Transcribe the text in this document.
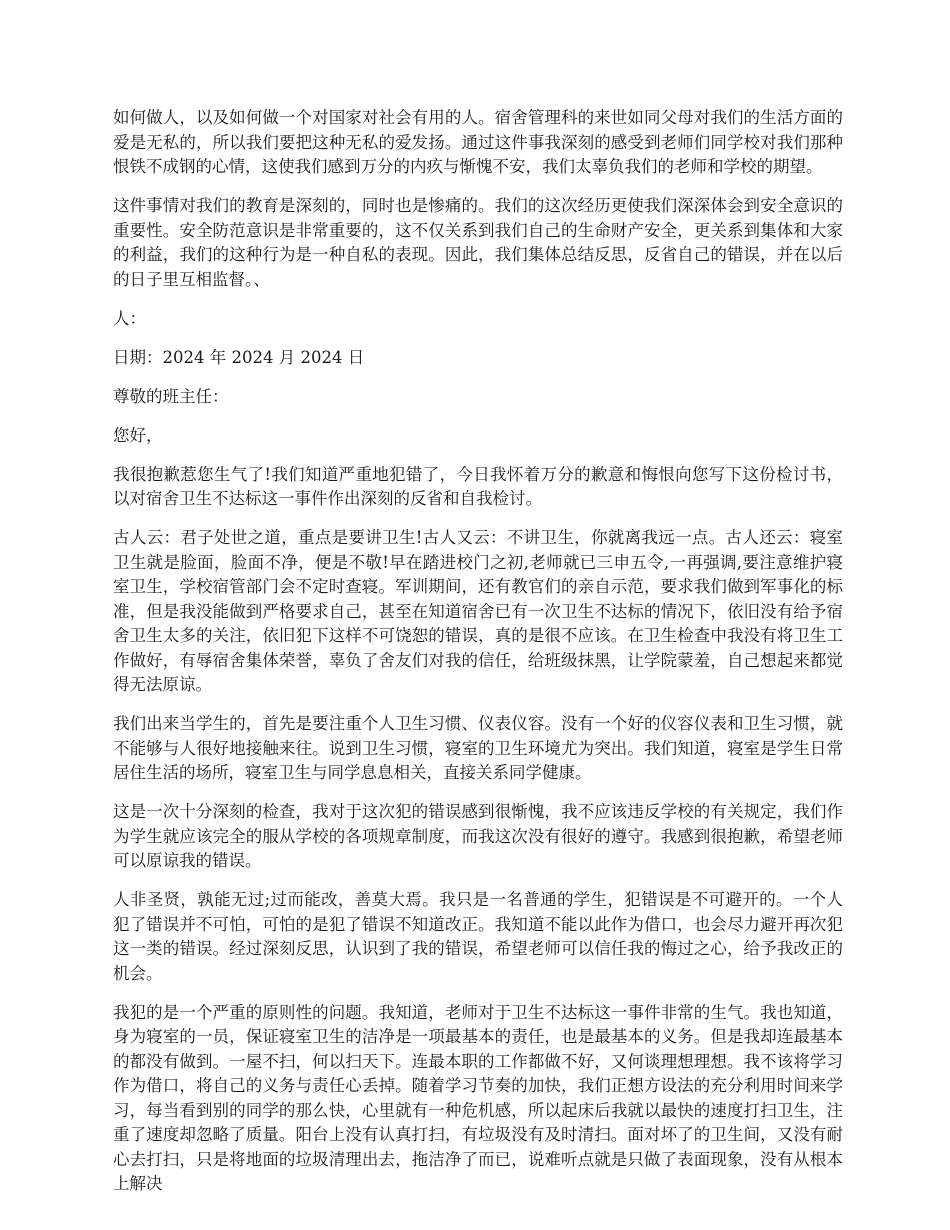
如何做人，以及如何做一个对国家对社会有用的人。宿舍管理科的来世如同父母对我们的生活方面的爱是无私的，所以我们要把这种无私的爱发扬。通过这件事我深刻的感受到老师们同学校对我们那种恨铁不成钢的心情，这使我们感到万分的内疚与惭愧不安，我们太辜负我们的老师和学校的期望。

这件事情对我们的教育是深刻的，同时也是惨痛的。我们的这次经历更使我们深深体会到安全意识的重要性。安全防范意识是非常重要的，这不仅关系到我们自己的生命财产安全，更关系到集体和大家的利益，我们的这种行为是一种自私的表现。因此，我们集体总结反思，反省自己的错误，并在以后的日子里互相监督。、

人：

日期：2024 年 2024 月 2024 日

尊敬的班主任：

您好，

我很抱歉惹您生气了!我们知道严重地犯错了，今日我怀着万分的歉意和悔恨向您写下这份检讨书，以对宿舍卫生不达标这一事件作出深刻的反省和自我检讨。

古人云：君子处世之道，重点是要讲卫生!古人又云：不讲卫生，你就离我远一点。古人还云：寝室卫生就是脸面，脸面不净，便是不敬!早在踏进校门之初,老师就已三申五令,一再强调,要注意维护寝室卫生，学校宿管部门会不定时查寝。军训期间，还有教官们的亲自示范，要求我们做到军事化的标准，但是我没能做到严格要求自己，甚至在知道宿舍已有一次卫生不达标的情况下，依旧没有给予宿舍卫生太多的关注，依旧犯下这样不可饶恕的错误，真的是很不应该。在卫生检查中我没有将卫生工作做好，有辱宿舍集体荣誉，辜负了舍友们对我的信任，给班级抹黑，让学院蒙羞，自己想起来都觉得无法原谅。

我们出来当学生的，首先是要注重个人卫生习惯、仪表仪容。没有一个好的仪容仪表和卫生习惯，就不能够与人很好地接触来往。说到卫生习惯，寝室的卫生环境尤为突出。我们知道，寝室是学生日常居住生活的场所，寝室卫生与同学息息相关，直接关系同学健康。

这是一次十分深刻的检查，我对于这次犯的错误感到很惭愧，我不应该违反学校的有关规定，我们作为学生就应该完全的服从学校的各项规章制度，而我这次没有很好的遵守。我感到很抱歉，希望老师可以原谅我的错误。

人非圣贤，孰能无过;过而能改，善莫大焉。我只是一名普通的学生，犯错误是不可避开的。一个人犯了错误并不可怕，可怕的是犯了错误不知道改正。我知道不能以此作为借口，也会尽力避开再次犯这一类的错误。经过深刻反思，认识到了我的错误，希望老师可以信任我的悔过之心，给予我改正的机会。

我犯的是一个严重的原则性的问题。我知道，老师对于卫生不达标这一事件非常的生气。我也知道，身为寝室的一员，保证寝室卫生的洁净是一项最基本的责任，也是最基本的义务。但是我却连最基本的都没有做到。一屋不扫，何以扫天下。连最本职的工作都做不好，又何谈理想理想。我不该将学习作为借口，将自己的义务与责任心丢掉。随着学习节奏的加快，我们正想方设法的充分利用时间来学习，每当看到别的同学的那么快，心里就有一种危机感，所以起床后我就以最快的速度打扫卫生，注重了速度却忽略了质量。阳台上没有认真打扫，有垃圾没有及时清扫。面对坏了的卫生间，又没有耐心去打扫，只是将地面的垃圾清理出去，拖洁净了而已，说难听点就是只做了表面现象，没有从根本上解决
